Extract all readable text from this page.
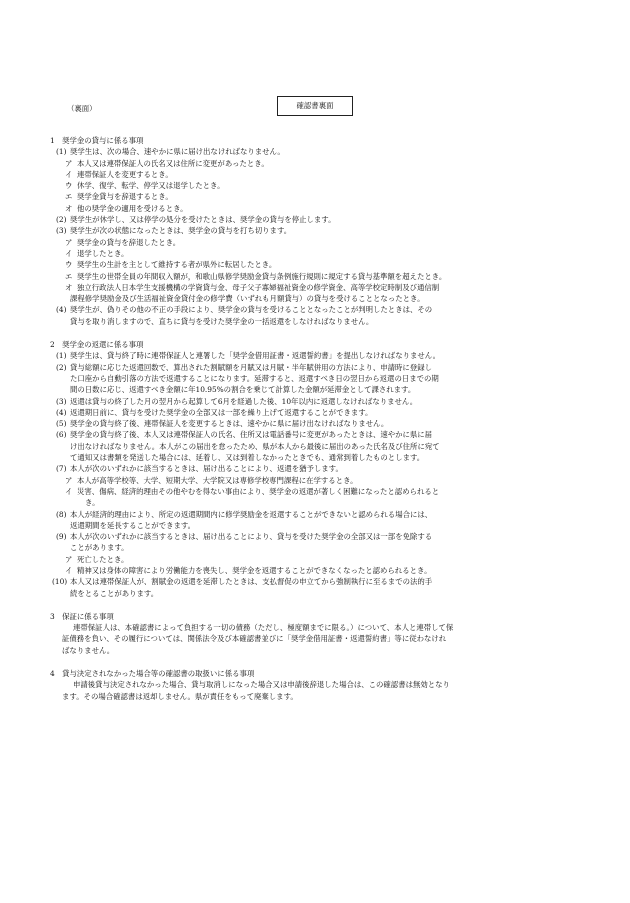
（裏面）	確認書裏面
1　奨学金の貸与に係る事項
(1) 奨学生は、次の場合、速やかに県に届け出なければなりません。
ア 本人又は連帯保証人の氏名又は住所に変更があったとき。
イ 連帯保証人を変更するとき。
ウ 休学、復学、転学、停学又は退学したとき。
エ 奨学金貸与を辞退するとき。
オ 他の奨学金の適用を受けるとき。
(2) 奨学生が休学し、又は停学の処分を受けたときは、奨学金の貸与を停止します。
(3) 奨学生が次の状態になったときは、奨学金の貸与を打ち切ります。
ア 奨学金の貸与を辞退したとき。
イ 退学したとき。
ウ 奨学生の生計を主として維持する者が県外に転居したとき。
エ 奨学生の世帯全員の年間収入額が，和歌山県修学奨励金貸与条例施行規則に規定する貸与基準額を超えたとき。
オ 独立行政法人日本学生支援機構の学資貸与金、母子父子寡婦福祉資金の修学資金、高等学校定時制及び通信制
課程修学奨励金及び生活福祉資金貸付金の修学費（いずれも月額貸与）の貸与を受けることとなったとき。
(4) 奨学生が、偽りその他の不正の手段により、奨学金の貸与を受けることとなったことが判明したときは、その
貸与を取り消しますので、直ちに貸与を受けた奨学金の一括返還をしなければなりません。
2　奨学金の返還に係る事項
(1) 奨学生は、貸与終了時に連帯保証人と連署した「奨学金借用証書・返還誓約書」を提出しなければなりません。
(2) 貸与総額に応じた返還回数で、算出された割賦額を月賦又は月賦・半年賦併用の方法により、申請時に登録し
た口座から自動引落の方法で返還することになります。延滞すると、返還すべき日の翌日から返還の日までの期
間の日数に応じ、返還すべき金額に年10.95%の割合を乗じて計算した金額が延滞金として課されます。
(3) 返還は貸与の終了した月の翌月から起算して6月を経過した後、10年以内に返還しなければなりません。
(4) 返還期日前に、貸与を受けた奨学金の全部又は一部を繰り上げて返還することができます。
(5) 奨学金の貸与終了後、連帯保証人を変更するときは、速やかに県に届け出なければなりません。
(6) 奨学金の貸与終了後、本人又は連帯保証人の氏名、住所又は電話番号に変更があったときは、速やかに県に届
け出なければなりません。本人がこの届出を怠ったため、県が本人から最後に届出のあった氏名及び住所に宛て
て通知又は書類を発送した場合には、延着し、又は到着しなかったときでも、通常到着したものとします。
(7) 本人が次のいずれかに該当するときは、届け出ることにより、返還を猶予します。
ア 本人が高等学校等、大学、短期大学、大学院又は専修学校専門課程に在学するとき。
イ 災害、傷病、経済的理由その他やむを得ない事由により、奨学金の返還が著しく困難になったと認められると
き。
(8) 本人が経済的理由により、所定の返還期間内に修学奨励金を返還することができないと認められる場合には、
返還期間を延長することができます。
(9) 本人が次のいずれかに該当するときは、届け出ることにより、貸与を受けた奨学金の全部又は一部を免除する
ことがあります。
ア 死亡したとき。
イ 精神又は身体の障害により労働能力を喪失し、奨学金を返還することができなくなったと認められるとき。
(10) 本人又は連帯保証人が、割賦金の返還を延滞したときは、支払督促の申立てから強制執行に至るまでの法的手
続をとることがあります。
3　保証に係る事項
連帯保証人は、本確認書によって負担する一切の債務（ただし、極度額までに限る。）について、本人と連帯して保
証債務を負い、その履行については、関係法令及び本確認書並びに「奨学金借用証書・返還誓約書」等に従わなけれ
ばなりません。
4　貸与決定されなかった場合等の確認書の取扱いに係る事項
申請後貸与決定されなかった場合、貸与取消しになった場合又は申請後辞退した場合は、この確認書は無効となり
ます。その場合確認書は返却しません。県が責任をもって廃棄します。
